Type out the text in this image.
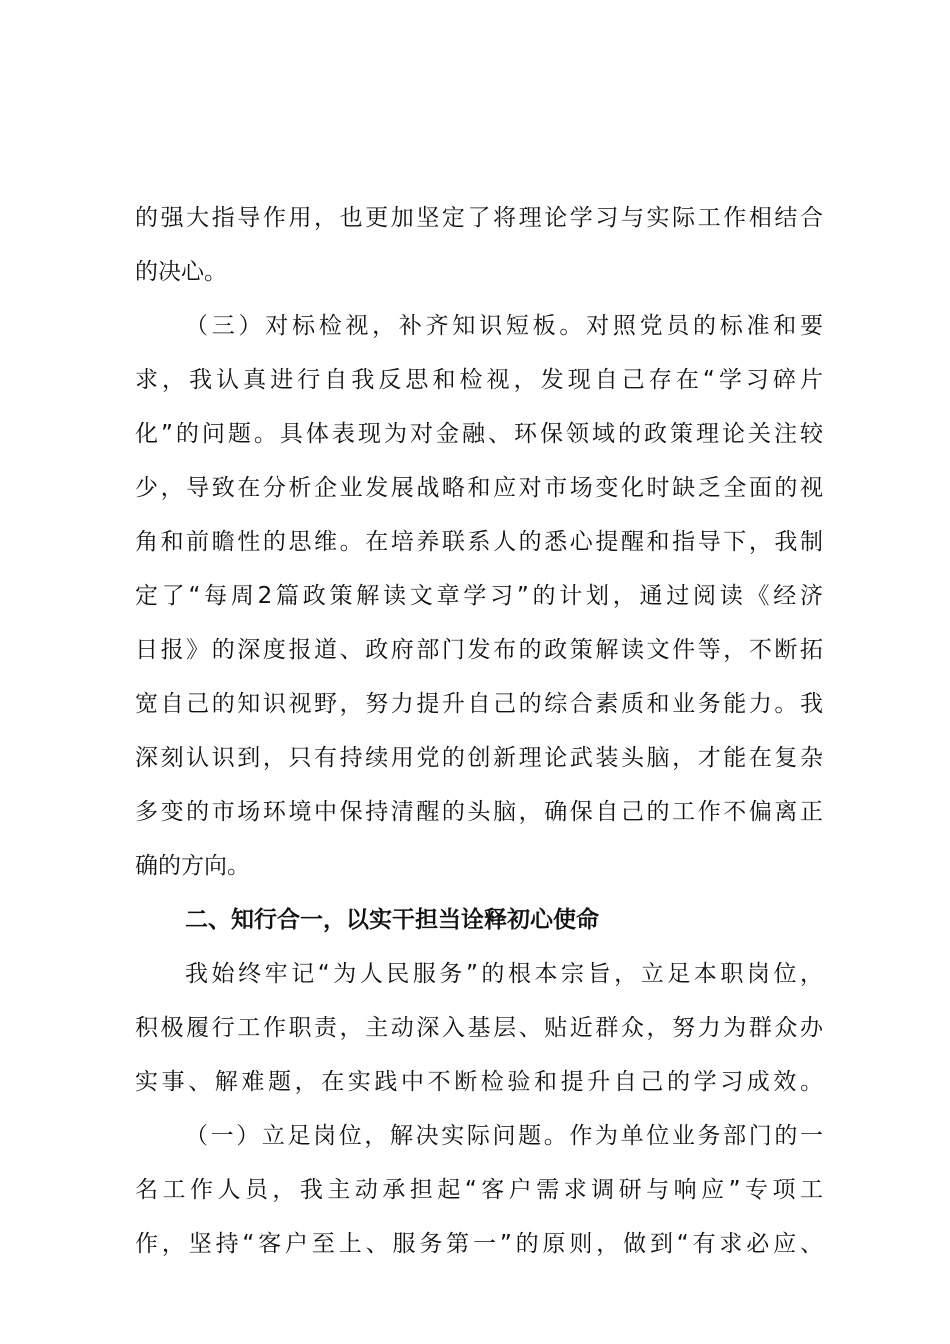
的强大指导作用，也更加坚定了将理论学习与实际工作相结合
的决心。
（三）对标检视，补齐知识短板。对照党员的标准和要
求，我认真进行自我反思和检视，发现自己存在“学习碎片
化”的问题。具体表现为对金融、环保领域的政策理论关注较
少，导致在分析企业发展战略和应对市场变化时缺乏全面的视
角和前瞻性的思维。在培养联系人的悉心提醒和指导下，我制
定了“每周2篇政策解读文章学习”的计划，通过阅读《经济
日报》的深度报道、政府部门发布的政策解读文件等，不断拓
宽自己的知识视野，努力提升自己的综合素质和业务能力。我
深刻认识到，只有持续用党的创新理论武装头脑，才能在复杂
多变的市场环境中保持清醒的头脑，确保自己的工作不偏离正
确的方向。
二、知行合一，以实干担当诠释初心使命
我始终牢记“为人民服务”的根本宗旨，立足本职岗位，
积极履行工作职责，主动深入基层、贴近群众，努力为群众办
实事、解难题，在实践中不断检验和提升自己的学习成效。
（一）立足岗位，解决实际问题。作为单位业务部门的一
名工作人员，我主动承担起“客户需求调研与响应”专项工
作，坚持“客户至上、服务第一”的原则，做到“有求必应、
